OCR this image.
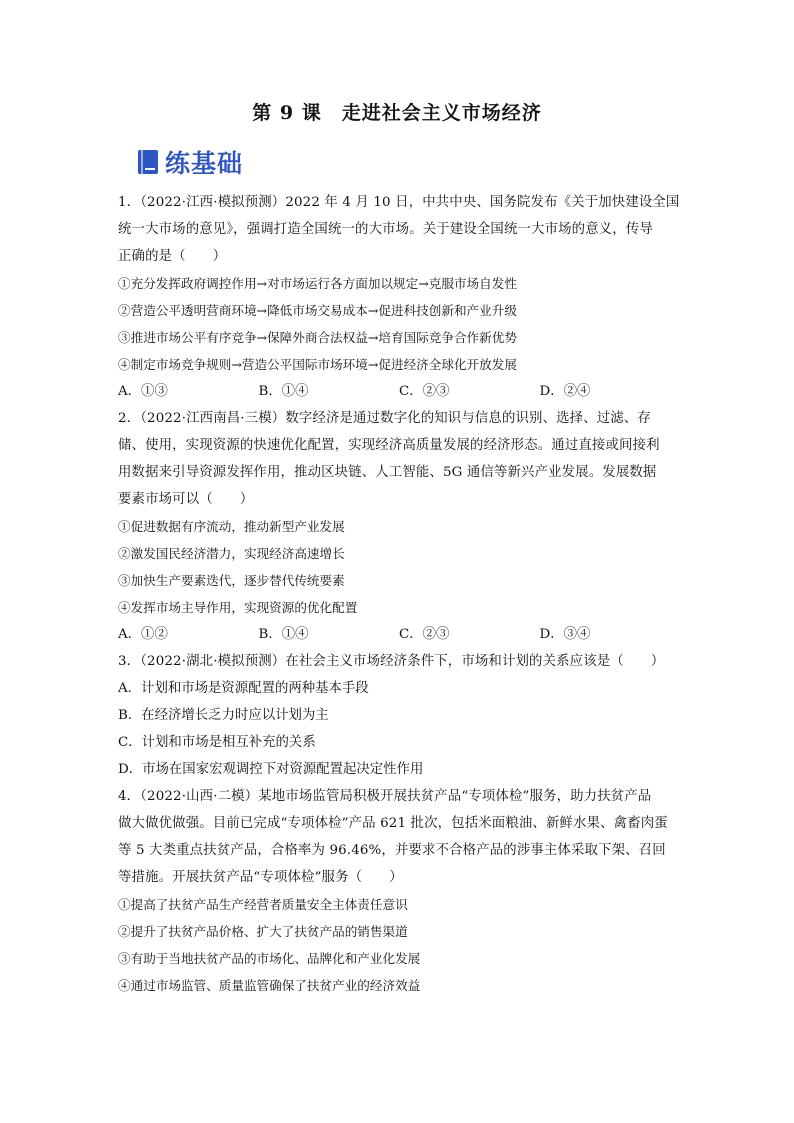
第 9 课　走进社会主义市场经济
练基础
1．（2022·江西·模拟预测）2022 年 4 月 10 日，中共中央、国务院发布《关于加快建设全国
统一大市场的意见》，强调打造全国统一的大市场。关于建设全国统一大市场的意义，传导
正确的是（　　）
①充分发挥政府调控作用→对市场运行各方面加以规定→克服市场自发性
②营造公平透明营商环境→降低市场交易成本→促进科技创新和产业升级
③推进市场公平有序竞争→保障外商合法权益→培育国际竞争合作新优势
④制定市场竞争规则→营造公平国际市场环境→促进经济全球化开放发展
A．①③	B．①④	C．②③	D．②④
2．（2022·江西南昌·三模）数字经济是通过数字化的知识与信息的识别、选择、过滤、存
储、使用，实现资源的快速优化配置，实现经济高质量发展的经济形态。通过直接或间接利
用数据来引导资源发挥作用，推动区块链、人工智能、5G 通信等新兴产业发展。发展数据
要素市场可以（　　）
①促进数据有序流动，推动新型产业发展
②激发国民经济潜力，实现经济高速增长
③加快生产要素迭代，逐步替代传统要素
④发挥市场主导作用，实现资源的优化配置
A．①②	B．①④	C．②③	D．③④
3．（2022·湖北·模拟预测）在社会主义市场经济条件下，市场和计划的关系应该是（　　）
A．计划和市场是资源配置的两种基本手段
B．在经济增长乏力时应以计划为主
C．计划和市场是相互补充的关系
D．市场在国家宏观调控下对资源配置起决定性作用
4．（2022·山西·二模）某地市场监管局积极开展扶贫产品“专项体检”服务，助力扶贫产品
做大做优做强。目前已完成“专项体检”产品 621 批次，包括米面粮油、新鲜水果、禽畜肉蛋
等 5 大类重点扶贫产品，合格率为 96.46%，并要求不合格产品的涉事主体采取下架、召回
等措施。开展扶贫产品“专项体检”服务（　　）
①提高了扶贫产品生产经营者质量安全主体责任意识
②提升了扶贫产品价格、扩大了扶贫产品的销售渠道
③有助于当地扶贫产品的市场化、品牌化和产业化发展
④通过市场监管、质量监管确保了扶贫产业的经济效益
